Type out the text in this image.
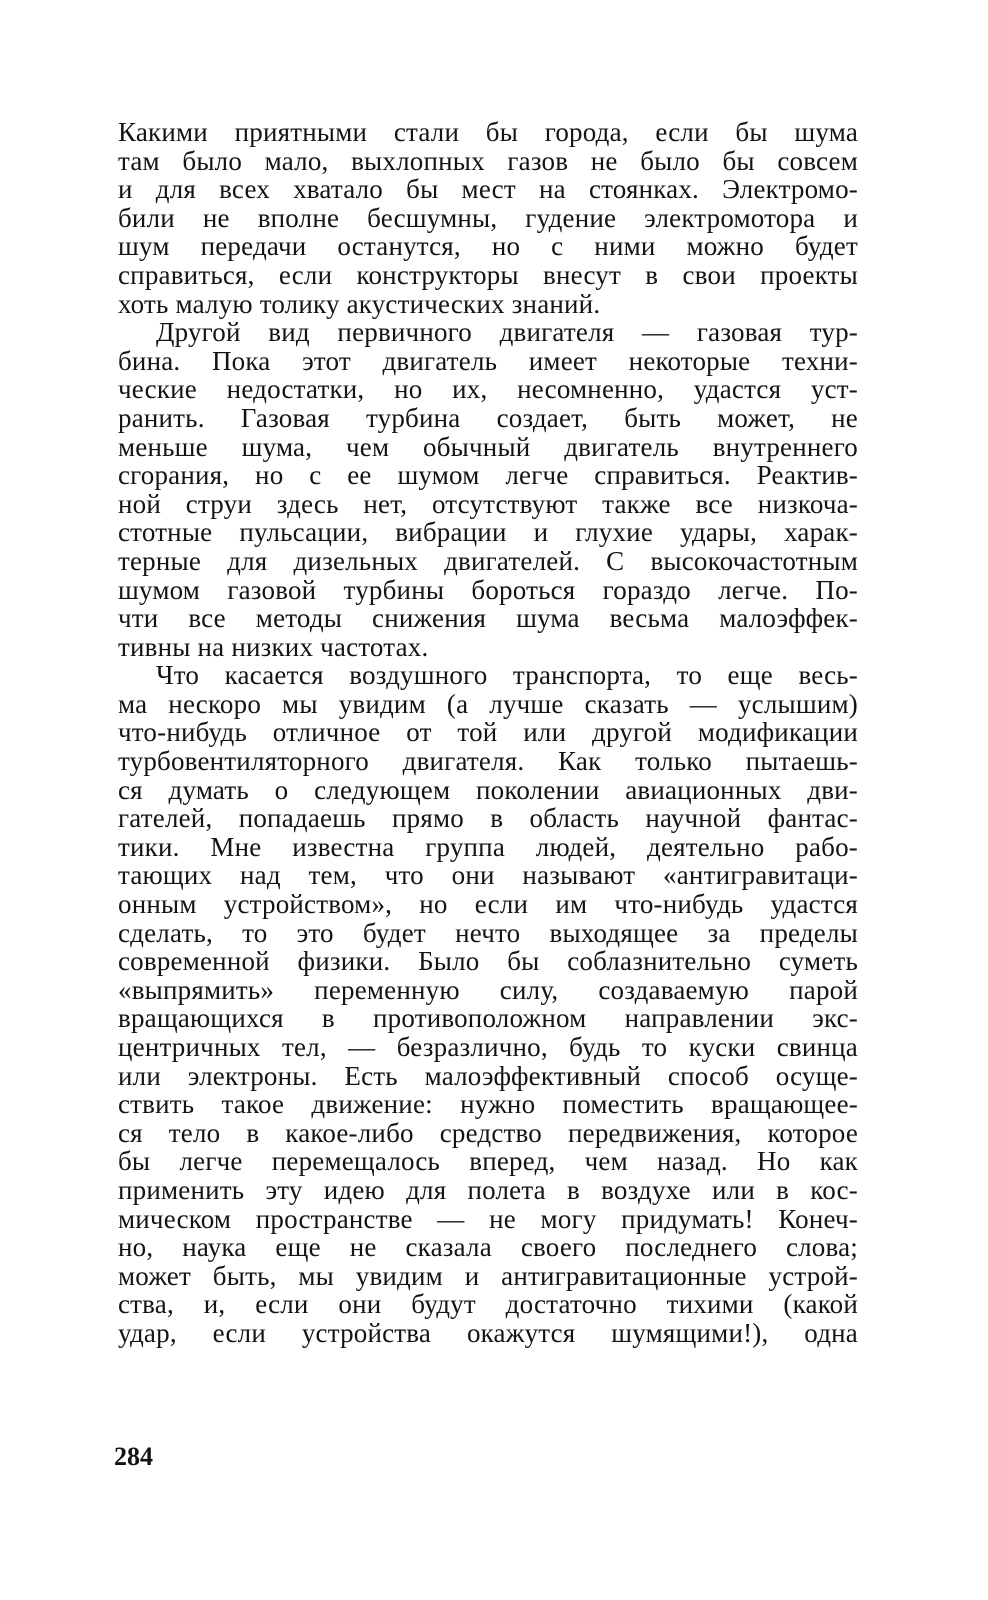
Какими приятными стали бы города, если бы шума
там было мало, выхлопных газов не было бы совсем
и для всех хватало бы мест на стоянках. Электромо-
били не вполне бесшумны, гудение электромотора и
шум передачи останутся, но с ними можно будет
справиться, если конструкторы внесут в свои проекты
хоть малую толику акустических знаний.
Другой вид первичного двигателя — газовая тур-
бина. Пока этот двигатель имеет некоторые техни-
ческие недостатки, но их, несомненно, удастся уст-
ранить. Газовая турбина создает, быть может, не
меньше шума, чем обычный двигатель внутреннего
сгорания, но с ее шумом легче справиться. Реактив-
ной струи здесь нет, отсутствуют также все низкоча-
стотные пульсации, вибрации и глухие удары, харак-
терные для дизельных двигателей. С высокочастотным
шумом газовой турбины бороться гораздо легче. По-
чти все методы снижения шума весьма малоэффек-
тивны на низких частотах.
Что касается воздушного транспорта, то еще весь-
ма нескоро мы увидим (а лучше сказать — услышим)
что-нибудь отличное от той или другой модификации
турбовентиляторного двигателя. Как только пытаешь-
ся думать о следующем поколении авиационных дви-
гателей, попадаешь прямо в область научной фантас-
тики. Мне известна группа людей, деятельно рабо-
тающих над тем, что они называют «антигравитаци-
онным устройством», но если им что-нибудь удастся
сделать, то это будет нечто выходящее за пределы
современной физики. Было бы соблазнительно суметь
«выпрямить» переменную силу, создаваемую парой
вращающихся в противоположном направлении экс-
центричных тел, — безразлично, будь то куски свинца
или электроны. Есть малоэффективный способ осуще-
ствить такое движение: нужно поместить вращающее-
ся тело в какое-либо средство передвижения, которое
бы легче перемещалось вперед, чем назад. Но как
применить эту идею для полета в воздухе или в кос-
мическом пространстве — не могу придумать! Конеч-
но, наука еще не сказала своего последнего слова;
может быть, мы увидим и антигравитационные устрой-
ства, и, если они будут достаточно тихими (какой
удар, если устройства окажутся шумящими!), одна
284
